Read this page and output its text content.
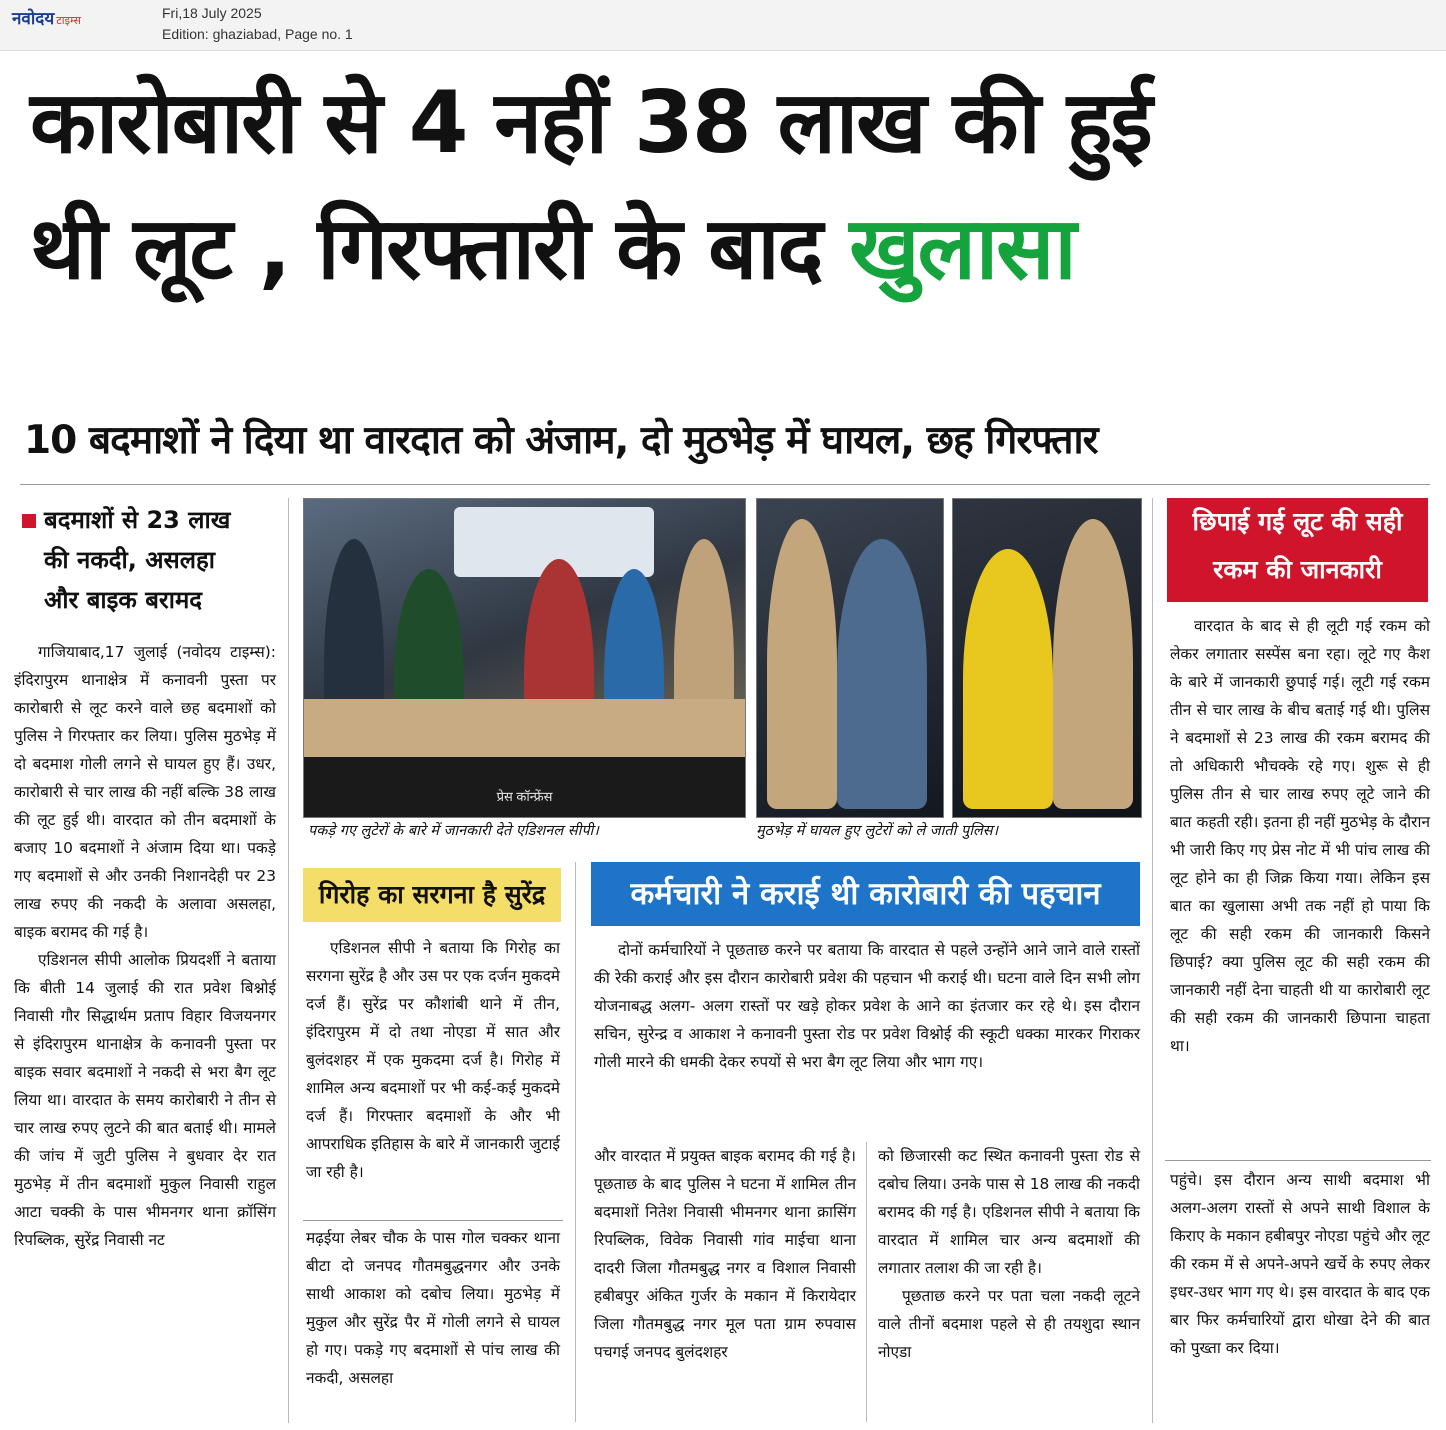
नवोदय टाइम्स	Fri,18 July 2025
Edition: ghaziabad, Page no. 1
कारोबारी से 4 नहीं 38 लाख की हुई
थी लूट , गिरफ्तारी के बाद खुलासा
10 बदमाशों ने दिया था वारदात को अंजाम, दो मुठभेड़ में घायल, छह गिरफ्तार
बदमाशों से 23 लाख
की नकदी, असलहा
और बाइक बरामद

गाजियाबाद,17 जुलाई (नवोदय टाइम्स): इंदिरापुरम थानाक्षेत्र में कनावनी पुस्ता पर कारोबारी से लूट करने वाले छह बदमाशों को पुलिस ने गिरफ्तार कर लिया। पुलिस मुठभेड़ में दो बदमाश गोली लगने से घायल हुए हैं। उधर, कारोबारी से चार लाख की नहीं बल्कि 38 लाख की लूट हुई थी। वारदात को तीन बदमाशों के बजाए 10 बदमाशों ने अंजाम दिया था। पकड़े गए बदमाशों से और उनकी निशानदेही पर 23 लाख रुपए की नकदी के अलावा असलहा, बाइक बरामद की गई है।

एडिशनल सीपी आलोक प्रियदर्शी ने बताया कि बीती 14 जुलाई की रात प्रवेश बिश्नोई निवासी गौर सिद्धार्थम प्रताप विहार विजयनगर से इंदिरापुरम थानाक्षेत्र के कनावनी पुस्ता पर बाइक सवार बदमाशों ने नकदी से भरा बैग लूट लिया था। वारदात के समय कारोबारी ने तीन से चार लाख रुपए लुटने की बात बताई थी। मामले की जांच में जुटी पुलिस ने बुधवार देर रात मुठभेड़ में तीन बदमाशों मुकुल निवासी राहुल आटा चक्की के पास भीमनगर थाना क्रॉसिंग रिपब्लिक, सुरेंद्र निवासी नट

प्रेस कॉन्फ्रेंस
पकड़े गए लुटेरों के बारे में जानकारी देते एडिशनल सीपी।	मुठभेड़ में घायल हुए लुटेरों को ले जाती पुलिस।
छिपाई गई लूट की सही
रकम की जानकारी

वारदात के बाद से ही लूटी गई रकम को लेकर लगातार सस्पेंस बना रहा। लूटे गए कैश के बारे में जानकारी छुपाई गई। लूटी गई रकम तीन से चार लाख के बीच बताई गई थी। पुलिस ने बदमाशों से 23 लाख की रकम बरामद की तो अधिकारी भौचक्के रहे गए। शुरू से ही पुलिस तीन से चार लाख रुपए लूटे जाने की बात कहती रही। इतना ही नहीं मुठभेड़ के दौरान भी जारी किए गए प्रेस नोट में भी पांच लाख की लूट होने का ही जिक्र किया गया। लेकिन इस बात का खुलासा अभी तक नहीं हो पाया कि लूट की सही रकम की जानकारी किसने छिपाई? क्या पुलिस लूट की सही रकम की जानकारी नहीं देना चाहती थी या कारोबारी लूट की सही रकम की जानकारी छिपाना चाहता था।

पहुंचे। इस दौरान अन्य साथी बदमाश भी अलग-अलग रास्तों से अपने साथी विशाल के किराए के मकान हबीबपुर नोएडा पहुंचे और लूट की रकम में से अपने-अपने खर्चे के रुपए लेकर इधर-उधर भाग गए थे। इस वारदात के बाद एक बार फिर कर्मचारियों द्वारा धोखा देने की बात को पुख्ता कर दिया।

गिरोह का सरगना है सुरेंद्र

एडिशनल सीपी ने बताया कि गिरोह का सरगना सुरेंद्र है और उस पर एक दर्जन मुकदमे दर्ज हैं। सुरेंद्र पर कौशांबी थाने में तीन, इंदिरापुरम में दो तथा नोएडा में सात और बुलंदशहर में एक मुकदमा दर्ज है। गिरोह में शामिल अन्य बदमाशों पर भी कई-कई मुकदमे दर्ज हैं। गिरफ्तार बदमाशों के और भी आपराधिक इतिहास के बारे में जानकारी जुटाई जा रही है।

मढ़ईया लेबर चौक के पास गोल चक्कर थाना बीटा दो जनपद गौतमबुद्धनगर और उनके साथी आकाश को दबोच लिया। मुठभेड़ में मुकुल और सुरेंद्र पैर में गोली लगने से घायल हो गए। पकड़े गए बदमाशों से पांच लाख की नकदी, असलहा

कर्मचारी ने कराई थी कारोबारी की पहचान

दोनों कर्मचारियों ने पूछताछ करने पर बताया कि वारदात से पहले उन्होंने आने जाने वाले रास्तों की रेकी कराई और इस दौरान कारोबारी प्रवेश की पहचान भी कराई थी। घटना वाले दिन सभी लोग योजनाबद्ध अलग- अलग रास्तों पर खड़े होकर प्रवेश के आने का इंतजार कर रहे थे। इस दौरान सचिन, सुरेन्द्र व आकाश ने कनावनी पुस्ता रोड पर प्रवेश विश्नोई की स्कूटी धक्का मारकर गिराकर गोली मारने की धमकी देकर रुपयों से भरा बैग लूट लिया और भाग गए।

और वारदात में प्रयुक्त बाइक बरामद की गई है। पूछताछ के बाद पुलिस ने घटना में शामिल तीन बदमाशों नितेश निवासी भीमनगर थाना क्रासिंग रिपब्लिक, विवेक निवासी गांव माईचा थाना दादरी जिला गौतमबुद्ध नगर व विशाल निवासी हबीबपुर अंकित गुर्जर के मकान में किरायेदार जिला गौतमबुद्ध नगर मूल पता ग्राम रुपवास पचगई जनपद बुलंदशहर

को छिजारसी कट स्थित कनावनी पुस्ता रोड से दबोच लिया। उनके पास से 18 लाख की नकदी बरामद की गई है। एडिशनल सीपी ने बताया कि वारदात में शामिल चार अन्य बदमाशों की लगातार तलाश की जा रही है।

पूछताछ करने पर पता चला नकदी लूटने वाले तीनों बदमाश पहले से ही तयशुदा स्थान नोएडा
